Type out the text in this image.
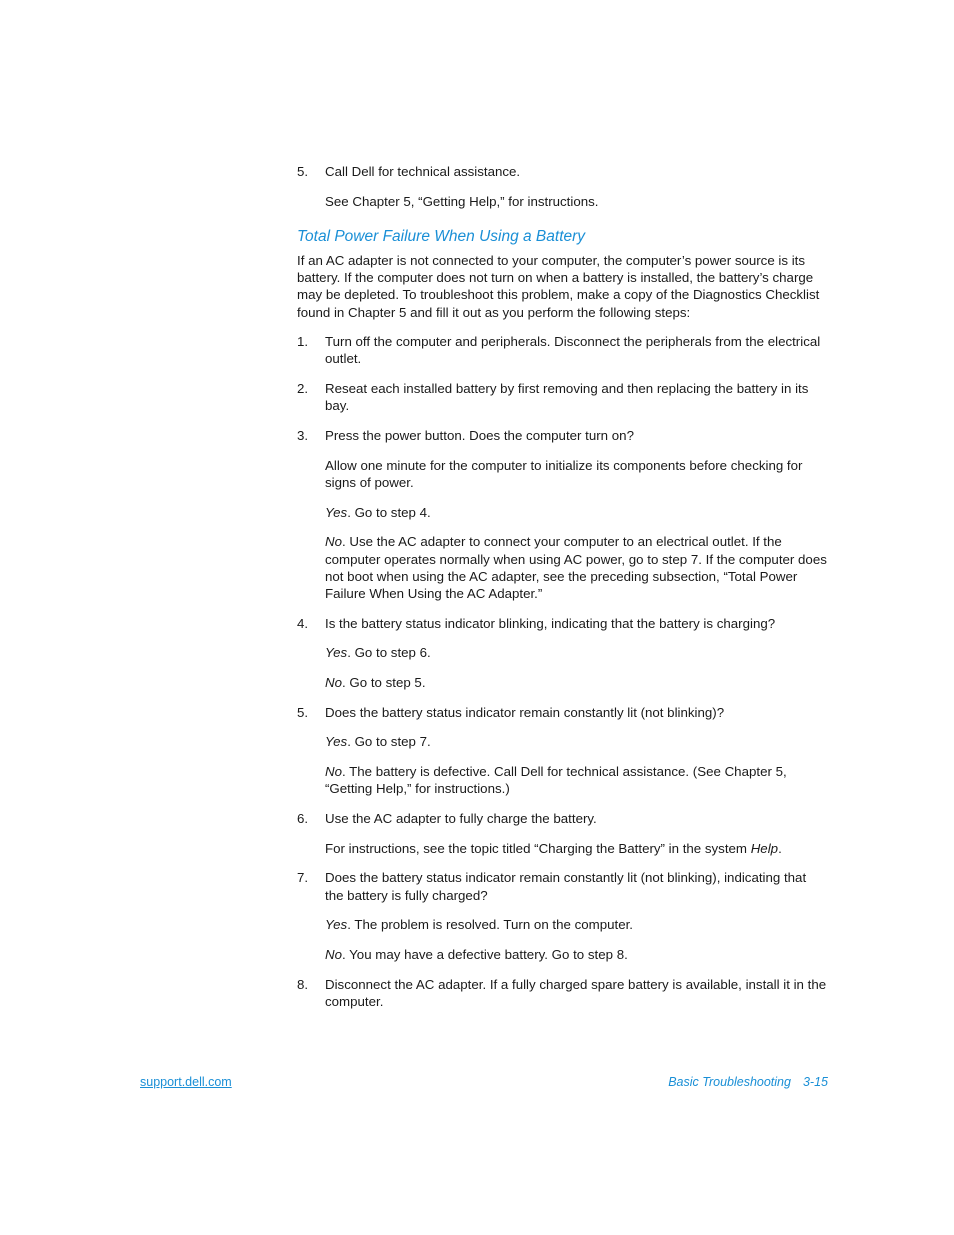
5. Call Dell for technical assistance.
See Chapter 5, “Getting Help,” for instructions.
Total Power Failure When Using a Battery
If an AC adapter is not connected to your computer, the computer’s power source is its battery. If the computer does not turn on when a battery is installed, the battery’s charge may be depleted. To troubleshoot this problem, make a copy of the Diagnostics Checklist found in Chapter 5 and fill it out as you perform the following steps:
1. Turn off the computer and peripherals. Disconnect the peripherals from the electrical outlet.
2. Reseat each installed battery by first removing and then replacing the battery in its bay.
3. Press the power button. Does the computer turn on?
Allow one minute for the computer to initialize its components before checking for signs of power.
Yes. Go to step 4.
No. Use the AC adapter to connect your computer to an electrical outlet. If the computer operates normally when using AC power, go to step 7. If the computer does not boot when using the AC adapter, see the preceding subsection, “Total Power Failure When Using the AC Adapter.”
4. Is the battery status indicator blinking, indicating that the battery is charging?
Yes. Go to step 6.
No. Go to step 5.
5. Does the battery status indicator remain constantly lit (not blinking)?
Yes. Go to step 7.
No. The battery is defective. Call Dell for technical assistance. (See Chapter 5, “Getting Help,” for instructions.)
6. Use the AC adapter to fully charge the battery.
For instructions, see the topic titled “Charging the Battery” in the system Help.
7. Does the battery status indicator remain constantly lit (not blinking), indicating that the battery is fully charged?
Yes. The problem is resolved. Turn on the computer.
No. You may have a defective battery. Go to step 8.
8. Disconnect the AC adapter. If a fully charged spare battery is available, install it in the computer.
support.dell.com	Basic Troubleshooting 3-15
